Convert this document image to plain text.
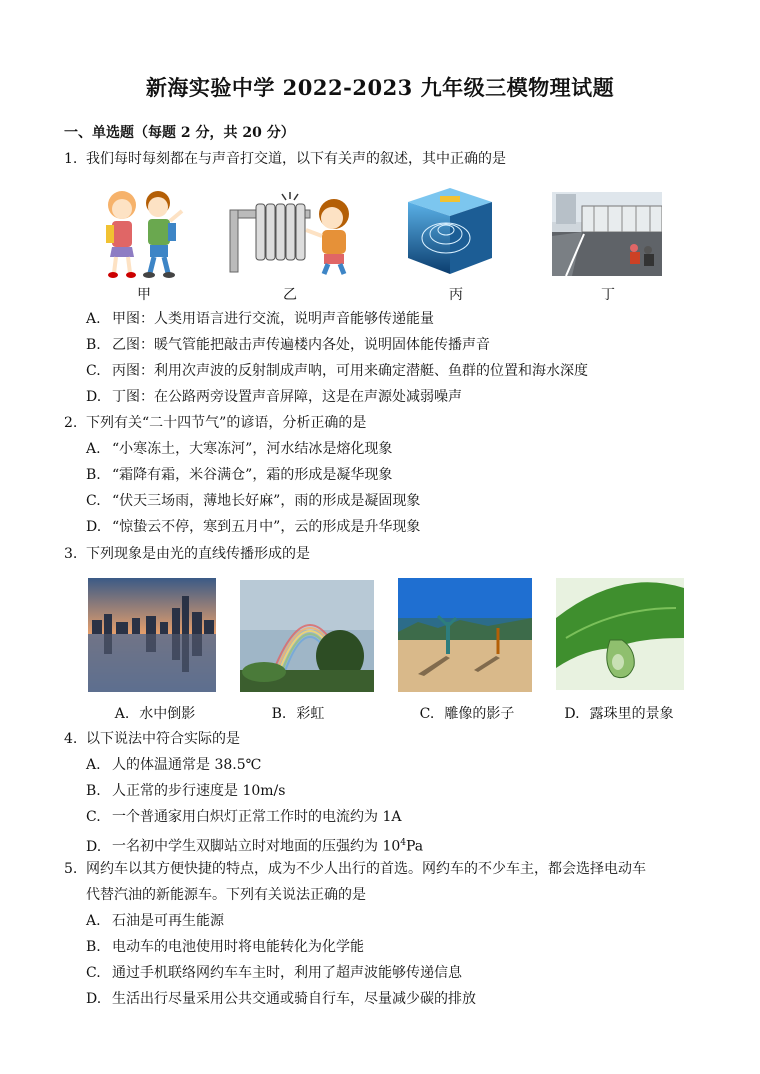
新海实验中学 2022-2023 九年级三模物理试题
一、单选题（每题 2 分，共 20 分）
1. 我们每时每刻都在与声音打交道，以下有关声的叙述，其中正确的是
甲	乙	丙	丁
A. 甲图：人类用语言进行交流，说明声音能够传递能量
B. 乙图：暖气管能把敲击声传遍楼内各处，说明固体能传播声音
C. 丙图：利用次声波的反射制成声呐，可用来确定潜艇、鱼群的位置和海水深度
D. 丁图：在公路两旁设置声音屏障，这是在声源处减弱噪声
2. 下列有关“二十四节气”的谚语，分析正确的是
A. “小寒冻土，大寒冻河”，河水结冰是熔化现象
B. “霜降有霜，米谷满仓”，霜的形成是凝华现象
C. “伏天三场雨，薄地长好麻”，雨的形成是凝固现象
D. “惊蛰云不停，寒到五月中”，云的形成是升华现象
3. 下列现象是由光的直线传播形成的是
A. 水中倒影	B. 彩虹	C. 雕像的影子	D. 露珠里的景象
4. 以下说法中符合实际的是
A. 人的体温通常是 38.5℃
B. 人正常的步行速度是 10m/s
C. 一个普通家用白炽灯正常工作时的电流约为 1A
D. 一名初中学生双脚站立时对地面的压强约为 $10^4Pa$
5. 网约车以其方便快捷的特点，成为不少人出行的首选。网约车的不少车主，都会选择电动车
代替汽油的新能源车。下列有关说法正确的是
A. 石油是可再生能源
B. 电动车的电池使用时将电能转化为化学能
C. 通过手机联络网约车车主时，利用了超声波能够传递信息
D. 生活出行尽量采用公共交通或骑自行车，尽量减少碳的排放
